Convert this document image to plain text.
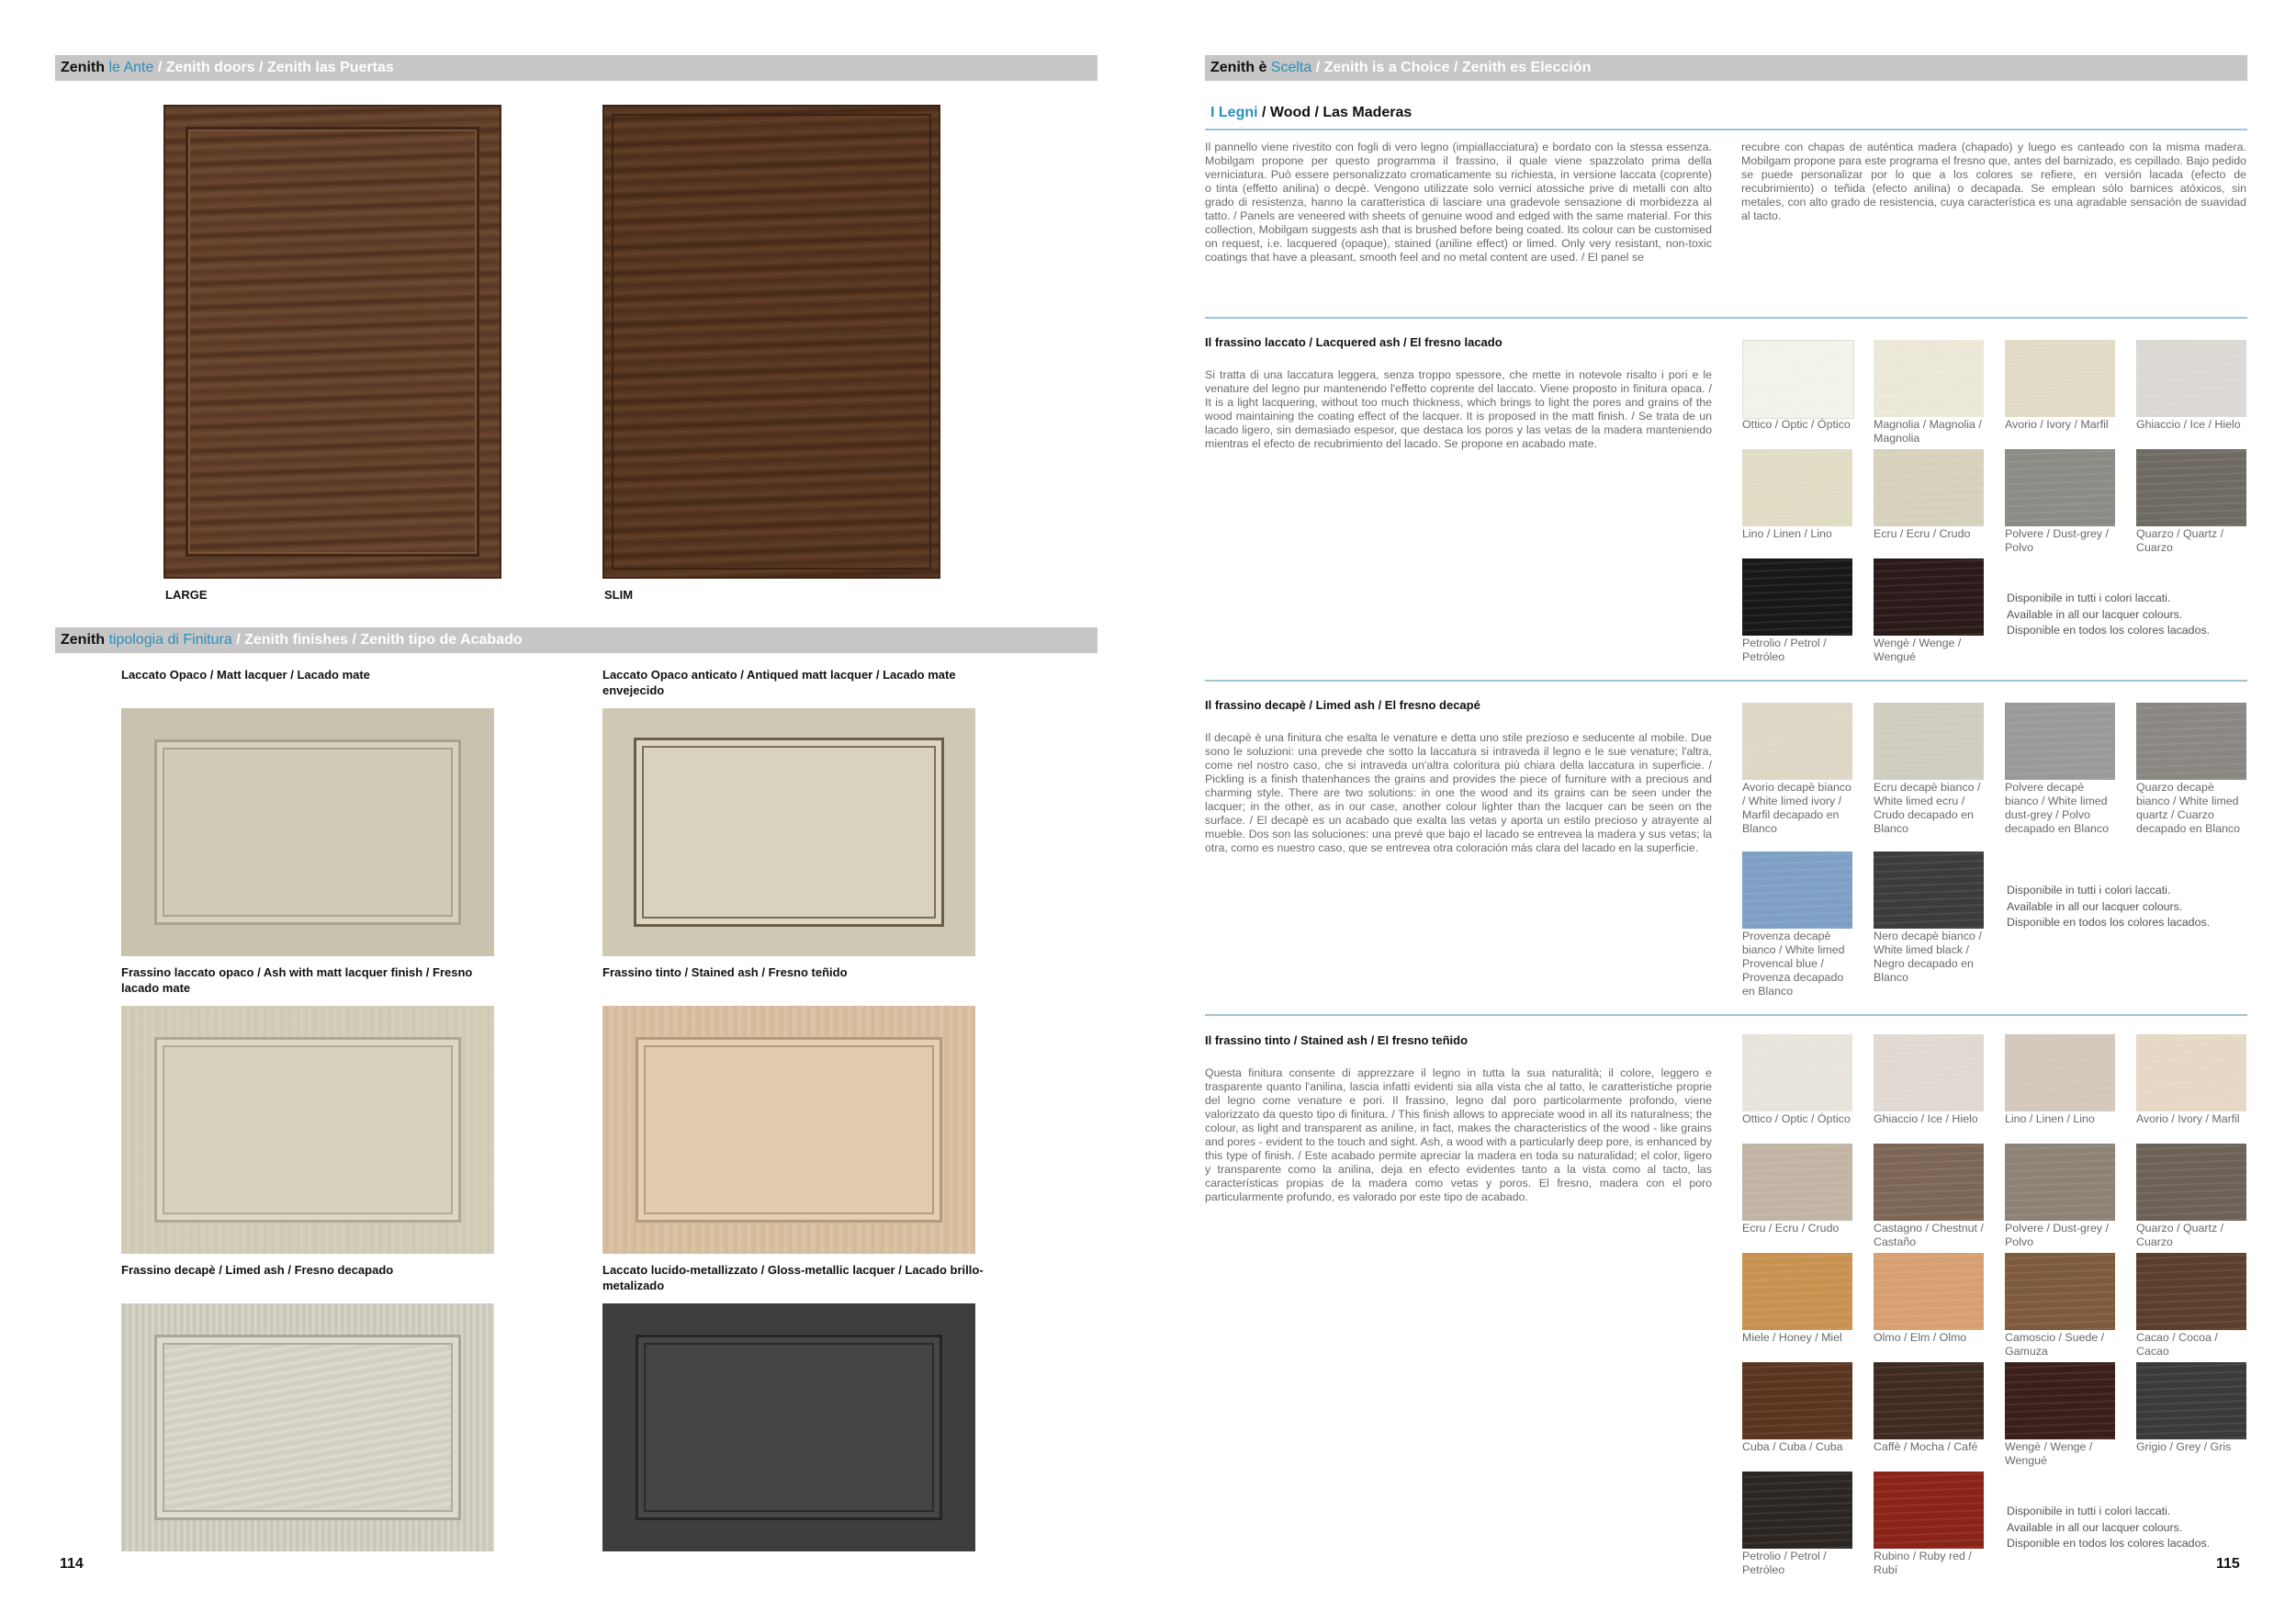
Zenith le Ante / Zenith doors / Zenith las Puertas
LARGE	SLIM
Zenith tipologia di Finitura / Zenith finishes / Zenith tipo de Acabado
Laccato Opaco / Matt lacquer / Lacado mate	Laccato Opaco anticato / Antiqued matt lacquer / Lacado mate envejecido
Frassino laccato opaco / Ash with matt lacquer finish / Fresno lacado mate
Frassino tinto / Stained ash / Fresno teñido
Frassino decapè / Limed ash / Fresno decapado	Laccato lucido-metallizzato / Gloss-metallic lacquer / Lacado brillo-metalizado
114
Zenith è Scelta / Zenith is a Choice / Zenith es Elección
I Legni / Wood / Las Maderas
Il pannello viene rivestito con fogli di vero legno (impiallacciatura) e bordato con la stessa essenza. Mobilgam propone per questo programma il frassino, il quale viene spazzolato prima della verniciatura. Può essere personalizzato cromaticamente su richiesta, in versione laccata (coprente) o tinta (effetto anilina) o decpè. Vengono utilizzate solo vernici atossiche prive di metalli con alto grado di resistenza, hanno la caratteristica di lasciare una gradevole sensazione di morbidezza al tatto. / Panels are veneered with sheets of genuine wood and edged with the same material. For this collection, Mobilgam suggests ash that is brushed before being coated. Its colour can be customised on request, i.e. lacquered (opaque), stained (aniline effect) or limed. Only very resistant, non-toxic coatings that have a pleasant, smooth feel and no metal content are used. / El panel se
recubre con chapas de auténtica madera (chapado) y luego es canteado con la misma madera. Mobilgam propone para este programa el fresno que, antes del barnizado, es cepillado. Bajo pedido se puede personalizar por lo que a los colores se refiere, en versión lacada (efecto de recubrimiento) o teñida (efecto anilina) o decapada. Se emplean sólo barnices atóxicos, sin metales, con alto grado de resistencia, cuya característica es una agradable sensación de suavidad al tacto.
Il frassino laccato / Lacquered ash / El fresno lacado
Si tratta di una laccatura leggera, senza troppo spessore, che mette in notevole risalto i pori e le venature del legno pur mantenendo l'effetto coprente del laccato. Viene proposto in finitura opaca. / It is a light lacquering, without too much thickness, which brings to light the pores and grains of the wood maintaining the coating effect of the lacquer. It is proposed in the matt finish. / Se trata de un lacado ligero, sin demasiado espesor, que destaca los poros y las vetas de la madera manteniendo mientras el efecto de recubrimiento del lacado. Se propone en acabado mate.
Ottico / Optic / Óptico	Magnolia / Magnolia / Magnolia
Avorio / Ivory / Marfil	Ghiaccio / Ice / Hielo
Lino / Linen / Lino	Ecru / Ecru / Crudo	Polvere / Dust-grey / Polvo
Quarzo / Quartz / Cuarzo
Petrolio / Petrol / Petróleo
Wengè / Wenge / Wengué
Disponibile in tutti i colori laccati.
Available in all our lacquer colours.
Disponible en todos los colores lacados.
Il frassino decapè / Limed ash / El fresno decapé
Il decapè è una finitura che esalta le venature e detta uno stile prezioso e seducente al mobile. Due sono le soluzioni: una prevede che sotto la laccatura si intraveda il legno e le sue venature; l'altra, come nel nostro caso, che si intraveda un'altra coloritura più chiara della laccatura in superficie. / Pickling is a finish thatenhances the grains and provides the piece of furniture with a precious and charming style. There are two solutions: in one the wood and its grains can be seen under the lacquer; in the other, as in our case, another colour lighter than the lacquer can be seen on the surface. / El decapè es un acabado que exalta las vetas y aporta un estilo precioso y atrayente al mueble. Dos son las soluciones: una prevé que bajo el lacado se entrevea la madera y sus vetas; la otra, como es nuestro caso, que se entrevea otra coloración más clara del lacado en la superficie.
Avorio decapè bianco / White limed ivory / Marfil decapado en Blanco
Ecru decapè bianco / White limed ecru / Crudo decapado en Blanco
Polvere decapè bianco / White limed dust-grey / Polvo decapado en Blanco
Quarzo decapè bianco / White limed quartz / Cuarzo decapado en Blanco
Provenza decapè bianco / White limed Provencal blue / Provenza decapado en Blanco
Nero decapè bianco / White limed black / Negro decapado en Blanco
Disponibile in tutti i colori laccati.
Available in all our lacquer colours.
Disponible en todos los colores lacados.
Il frassino tinto / Stained ash / El fresno teñido
Questa finitura consente di apprezzare il legno in tutta la sua naturalità; il colore, leggero e trasparente quanto l'anilina, lascia infatti evidenti sia alla vista che al tatto, le caratteristiche proprie del legno come venature e pori. Il frassino, legno dal poro particolarmente profondo, viene valorizzato da questo tipo di finitura. / This finish allows to appreciate wood in all its naturalness; the colour, as light and transparent as aniline, in fact, makes the characteristics of the wood - like grains and pores - evident to the touch and sight. Ash, a wood with a particularly deep pore, is enhanced by this type of finish. / Este acabado permite apreciar la madera en toda su naturalidad; el color, ligero y transparente como la anilina, deja en efecto evidentes tanto a la vista como al tacto, las características propias de la madera como vetas y poros. El fresno, madera con el poro particularmente profundo, es valorado por este tipo de acabado.
Ottico / Optic / Óptico	Ghiaccio / Ice / Hielo	Lino / Linen / Lino	Avorio / Ivory / Marfil
Ecru / Ecru / Crudo	Castagno / Chestnut / Castaño
Polvere / Dust-grey / Polvo
Quarzo / Quartz / Cuarzo
Miele / Honey / Miel	Olmo / Elm / Olmo	Camoscio / Suede / Gamuza
Cacao / Cocoa / Cacao
Cuba / Cuba / Cuba	Caffè / Mocha / Café	Wengè / Wenge / Wengué
Grigio / Grey / Gris
Petrolio / Petrol / Petróleo
Rubino / Ruby red / Rubí
Disponibile in tutti i colori laccati.
Available in all our lacquer colours.
Disponible en todos los colores lacados.
115
